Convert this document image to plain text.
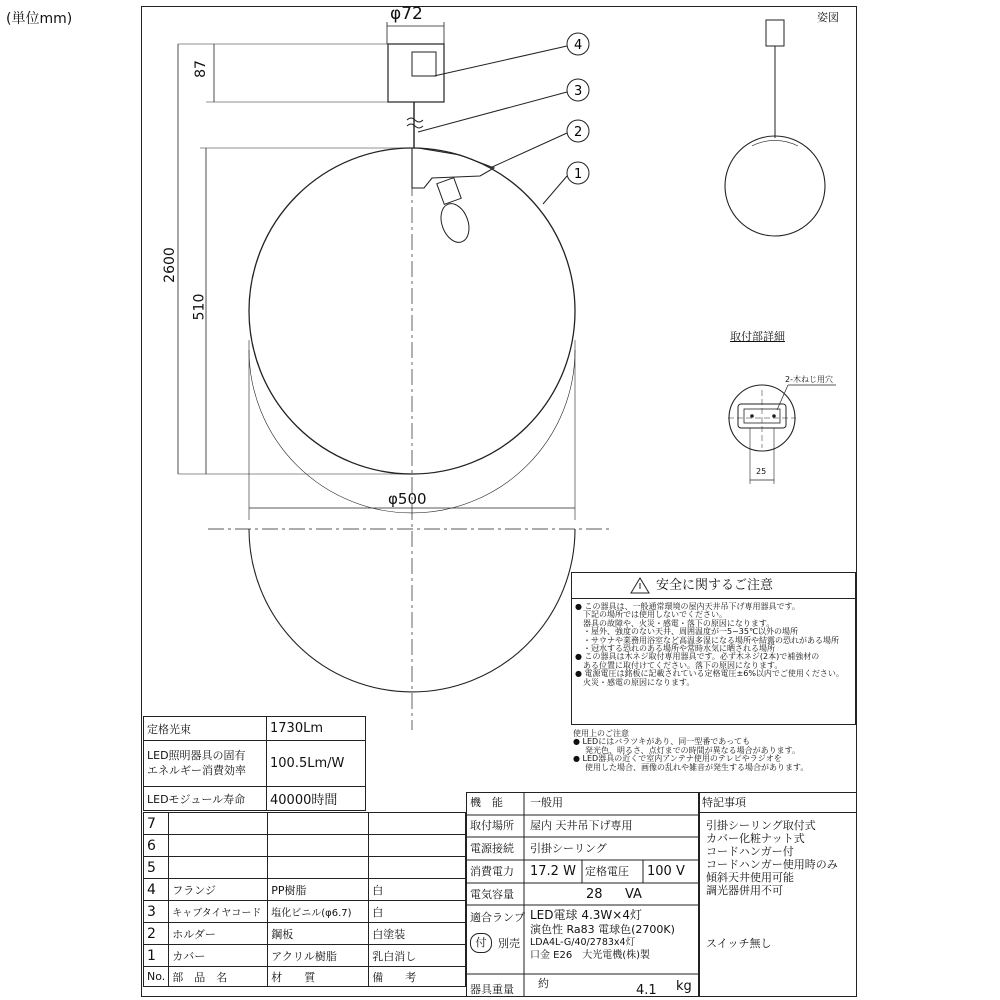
(単位mm)
4
3
2
1
φ72
87
2600
510
φ500
姿図
取付部詳細
2-木ねじ用穴
25
安全に関するご注意
● この器具は、一般通常環境の屋内天井吊下げ専用器具です。
下記の場所では使用しないでください。
器具の故障や、火災・感電・落下の原因になります。
・屋外、強度のない天井、周囲温度が一5~35℃以外の場所
・サウナや業務用浴室など高温多湿になる場所や結露の恐れがある場所
・冠水する恐れのある場所や常時水気に晒される場所
● この器具は木ネジ取付専用器具です。必ず木ネジ(2本)で補強材の
ある位置に取付けてください。落下の原因になります。
● 電源電圧は銘板に記載されている定格電圧±6%以内でご使用ください。
火災・感電の原因になります。
使用上のご注意
● LEDにはバラツキがあり、同一型番であっても
発光色、明るさ、点灯までの時間が異なる場合があります。
● LED器具の近くで室内アンテナ使用のテレビやラジオを
使用した場合、画像の乱れや雑音が発生する場合があります。
定格光束	1730Lm
LED照明器具の固有
エネルギー消費効率	100.5Lm/W
LEDモジュール寿命	40000時間
7			
6			
5			
4	フランジ	PP樹脂	白
3	キャブタイヤコード	塩化ビニル(φ6.7)	白
2	ホルダー	鋼板	白塗装
1	カバー	アクリル樹脂	乳白消し
No.	部　品　名	材　　質	備　　考
機　能 一般用
取付場所 屋内 天井吊下げ専用
電源接続 引掛シーリング
消費電力 17.2 W 定格電圧 100 V
電気容量	28 VA
適合ランプ
付	別売
LED電球 4.3W×4灯
演色性 Ra83 電球色(2700K)
LDA4L-G/40/2783x4灯
口金 E26　大光電機(株)製
器具重量 約	4.1 kg
特記事項
引掛シーリング取付式
カバー化粧ナット式
コードハンガー付
コードハンガー使用時のみ
傾斜天井使用可能
調光器併用不可
スイッチ無し
